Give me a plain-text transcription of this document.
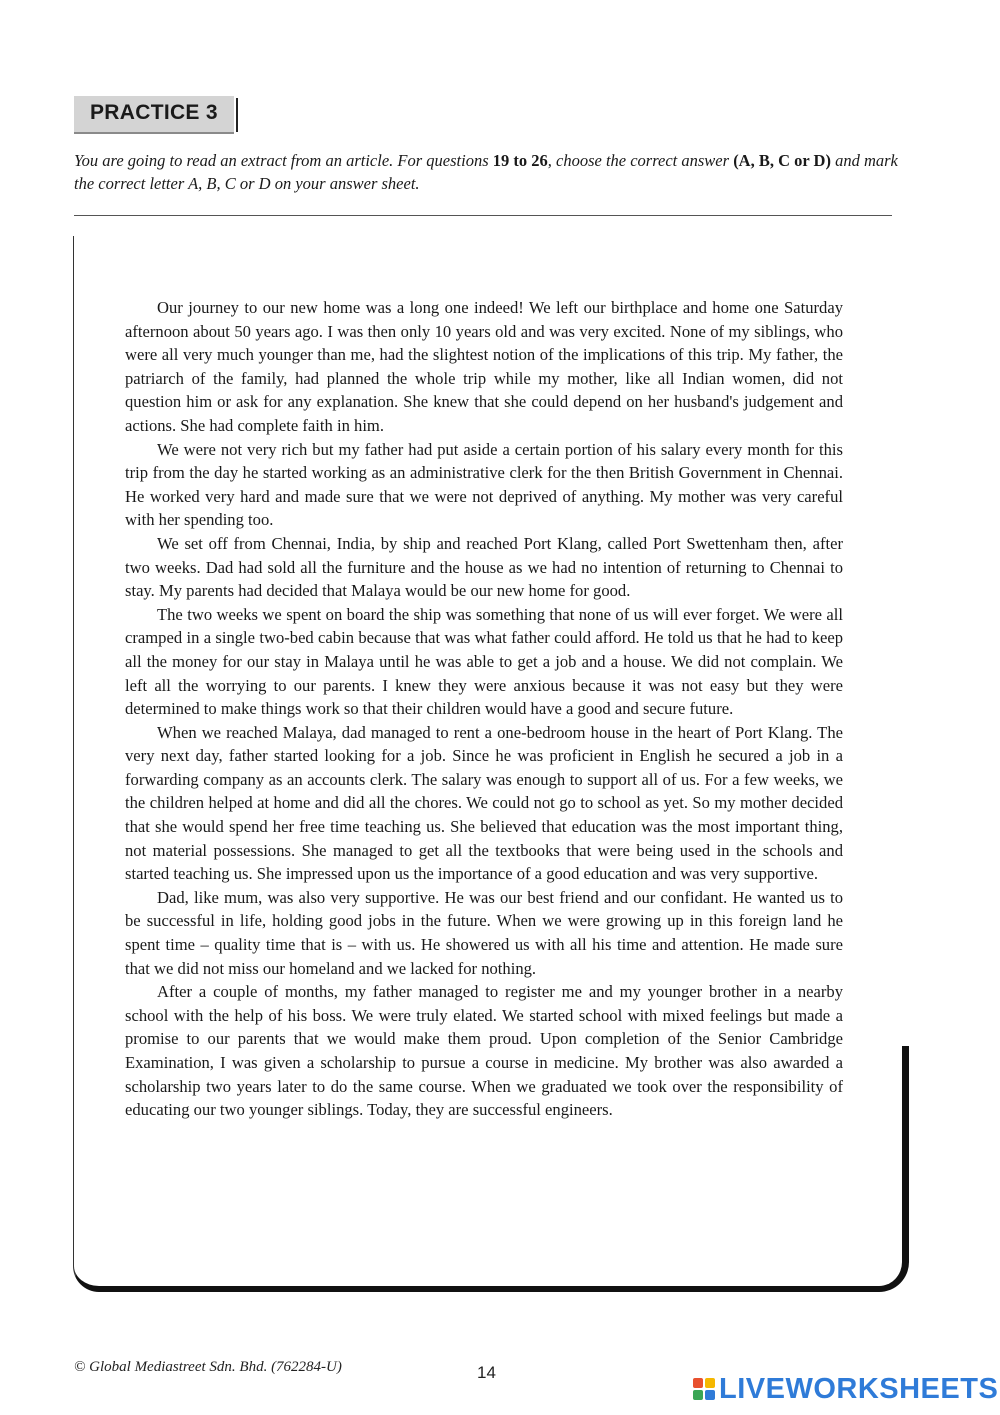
PRACTICE 3
You are going to read an extract from an article. For questions 19 to 26, choose the correct answer (A, B, C or D) and mark the correct letter A, B, C or D on your answer sheet.

Our journey to our new home was a long one indeed! We left our birthplace and home one Saturday afternoon about 50 years ago. I was then only 10 years old and was very excited. None of my siblings, who were all very much younger than me, had the slightest notion of the implications of this trip. My father, the patriarch of the family, had planned the whole trip while my mother, like all Indian women, did not question him or ask for any explanation. She knew that she could depend on her husband's judgement and actions. She had complete faith in him.

We were not very rich but my father had put aside a certain portion of his salary every month for this trip from the day he started working as an administrative clerk for the then British Government in Chennai. He worked very hard and made sure that we were not deprived of anything. My mother was very careful with her spending too.

We set off from Chennai, India, by ship and reached Port Klang, called Port Swettenham then, after two weeks. Dad had sold all the furniture and the house as we had no intention of returning to Chennai to stay. My parents had decided that Malaya would be our new home for good.

The two weeks we spent on board the ship was something that none of us will ever forget. We were all cramped in a single two-bed cabin because that was what father could afford. He told us that he had to keep all the money for our stay in Malaya until he was able to get a job and a house. We did not complain. We left all the worrying to our parents. I knew they were anxious because it was not easy but they were determined to make things work so that their children would have a good and secure future.

When we reached Malaya, dad managed to rent a one-bedroom house in the heart of Port Klang. The very next day, father started looking for a job. Since he was proficient in English he secured a job in a forwarding company as an accounts clerk. The salary was enough to support all of us. For a few weeks, we the children helped at home and did all the chores. We could not go to school as yet. So my mother decided that she would spend her free time teaching us. She believed that education was the most important thing, not material possessions. She managed to get all the textbooks that were being used in the schools and started teaching us. She impressed upon us the importance of a good education and was very supportive.

Dad, like mum, was also very supportive. He was our best friend and our confidant. He wanted us to be successful in life, holding good jobs in the future. When we were growing up in this foreign land he spent time – quality time that is – with us. He showered us with all his time and attention. He made sure that we did not miss our homeland and we lacked for nothing.

After a couple of months, my father managed to register me and my younger brother in a nearby school with the help of his boss. We were truly elated. We started school with mixed feelings but made a promise to our parents that we would make them proud. Upon completion of the Senior Cambridge Examination, I was given a scholarship to pursue a course in medicine. My brother was also awarded a scholarship two years later to do the same course. When we graduated we took over the responsibility of educating our two younger siblings. Today, they are successful engineers.

© Global Mediastreet Sdn. Bhd. (762284-U)	14
LIVEWORKSHEETS
